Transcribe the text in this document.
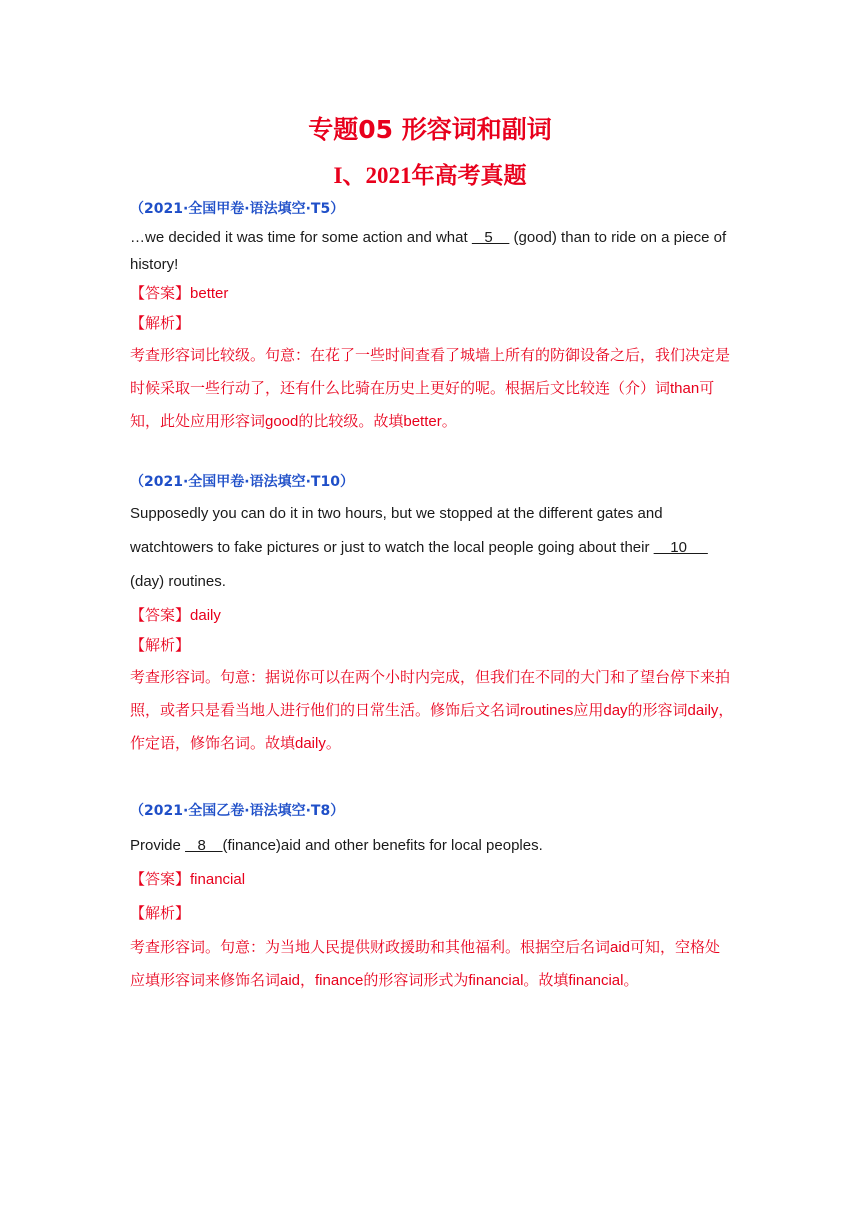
专题05 形容词和副词
I、2021年高考真题

（2021·全国甲卷·语法填空·T5）

…we decided it was time for some action and what    5     (good) than to ride on a piece of history!

【答案】better

【解析】

考查形容词比较级。句意：在花了一些时间查看了城墙上所有的防御设备之后，我们决定是时候采取一些行动了，还有什么比骑在历史上更好的呢。根据后文比较连（介）词than可知，此处应用形容词good的比较级。故填better。

（2021·全国甲卷·语法填空·T10）

Supposedly you can do it in two hours, but we stopped at the different gates and watchtowers to fake pictures or just to watch the local people going about their     10      (day) routines.

【答案】daily

【解析】

考查形容词。句意：据说你可以在两个小时内完成，但我们在不同的大门和了望台停下来拍照，或者只是看当地人进行他们的日常生活。修饰后文名词routines应用day的形容词daily，作定语，修饰名词。故填daily。

（2021·全国乙卷·语法填空·T8）

Provide    8    (finance)aid and other benefits for local peoples.

【答案】financial

【解析】

考查形容词。句意：为当地人民提供财政援助和其他福利。根据空后名词aid可知，空格处应填形容词来修饰名词aid，finance的形容词形式为financial。故填financial。
